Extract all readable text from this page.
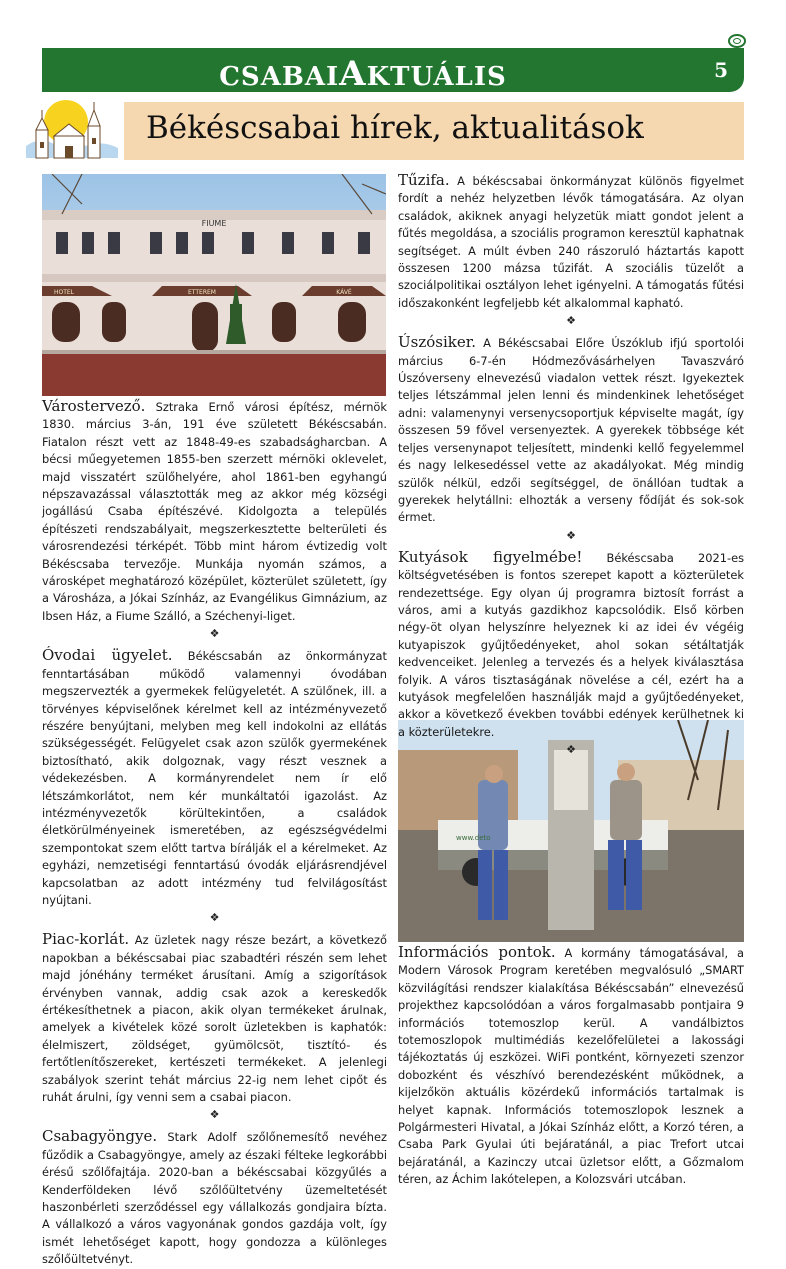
CSABAIAKTUÁLIS	5
Békéscsabai hírek, aktualitások
FIUME
HOTEL	ETTEREM	KÁVÉ
www.deto

Várostervező. Sztraka Ernő városi építész, mérnök 1830. március 3-án, 191 éve született Békéscsabán. Fiatalon részt vett az 1848-49-es szabadságharcban. A bécsi műegyetemen 1855-ben szerzett mérnöki oklevelet, majd visszatért szülőhelyére, ahol 1861-ben egyhangú népszavazással választották meg az akkor még községi jogállású Csaba építészévé. Kidolgozta a település építészeti rendszabályait, megszerkesztette belterületi és városrendezési térképét. Több mint három évtizedig volt Békéscsaba tervezője. Munkája nyomán számos, a városképet meghatározó középület, közterület született, így a Városháza, a Jókai Színház, az Evangélikus Gimnázium, az Ibsen Ház, a Fiume Szálló, a Széchenyi-liget.

❖

Óvodai ügyelet. Békéscsabán az önkormányzat fenntartásában működő valamennyi óvodában megszervezték a gyermekek felügyeletét. A szülőnek, ill. a törvényes képviselőnek kérelmet kell az intézményvezető részére benyújtani, melyben meg kell indokolni az ellátás szükségességét. Felügyelet csak azon szülők gyermekének biztosítható, akik dolgoznak, vagy részt vesznek a védekezésben. A kormányrendelet nem ír elő létszámkorlátot, nem kér munkáltatói igazolást. Az intézményvezetők körültekintően, a családok életkörülményeinek ismeretében, az egészségvédelmi szempontokat szem előtt tartva bírálják el a kérelmeket. Az egyházi, nemzetiségi fenntartású óvodák eljárásrendjével kapcsolatban az adott intézmény tud felvilágosítást nyújtani.

❖

Piac-korlát. Az üzletek nagy része bezárt, a következő napokban a békéscsabai piac szabadtéri részén sem lehet majd jónéhány terméket árusítani. Amíg a szigorítások érvényben vannak, addig csak azok a kereskedők értékesíthetnek a piacon, akik olyan termékeket árulnak, amelyek a kivételek közé sorolt üzletekben is kaphatók: élelmiszert, zöldséget, gyümölcsöt, tisztító- és fertőtlenítőszereket, kertészeti termékeket. A jelenlegi szabályok szerint tehát március 22-ig nem lehet cipőt és ruhát árulni, így venni sem a csabai piacon.

❖

Csabagyöngye. Stark Adolf szőlőnemesítő nevéhez fűződik a Csabagyöngye, amely az északi félteke legkorábbi érésű szőlőfajtája. 2020-ban a békéscsabai közgyűlés a Kenderföldeken lévő szőlőültetvény üzemeltetését haszonbérleti szerződéssel egy vállalkozás gondjaira bízta. A vállalkozó a város vagyonának gondos gazdája volt, így ismét lehetőséget kapott, hogy gondozza a különleges szőlőültetvényt.

Tűzifa. A békéscsabai önkormányzat különös figyelmet fordít a nehéz helyzetben lévők támogatására. Az olyan családok, akiknek anyagi helyzetük miatt gondot jelent a fűtés megoldása, a szociális programon keresztül kaphatnak segítséget. A múlt évben 240 rászoruló háztartás kapott összesen 1200 mázsa tűzifát. A szociális tüzelőt a szociálpolitikai osztályon lehet igényelni. A támogatás fűtési időszakonként legfeljebb két alkalommal kapható.

❖

Úszósiker. A Békéscsabai Előre Úszóklub ifjú sportolói március 6-7-én Hódmezővásárhelyen Tavaszváró Úszóverseny elnevezésű viadalon vettek részt. Igyekeztek teljes létszámmal jelen lenni és mindenkinek lehetőséget adni: valamenynyi versenycsoportjuk képviselte magát, így összesen 59 fővel versenyeztek. A gyerekek többsége két teljes versenynapot teljesített, mindenki kellő fegyelemmel és nagy lelkesedéssel vette az akadályokat. Még mindig szülők nélkül, edzői segítséggel, de önállóan tudtak a gyerekek helytállni: elhozták a verseny fődíját és sok-sok érmet.

❖

Kutyások figyelmébe! Békéscsaba 2021-es költségvetésében is fontos szerepet kapott a közterületek rendezettsége. Egy olyan új programra biztosít forrást a város, ami a kutyás gazdikhoz kapcsolódik. Első körben négy-öt olyan helyszínre helyeznek ki az idei év végéig kutyapiszok gyűjtőedényeket, ahol sokan sétáltatják kedvenceiket. Jelenleg a tervezés és a helyek kiválasztása folyik. A város tisztaságának növelése a cél, ezért ha a kutyások megfelelően használják majd a gyűjtőedényeket, akkor a következő években további edények kerülhetnek ki a közterületekre.

❖

Információs pontok. A kormány támogatásával, a Modern Városok Program keretében megvalósuló „SMART közvilágítási rendszer kialakítása Békéscsabán” elnevezésű projekthez kapcsolódóan a város forgalmasabb pontjaira 9 információs totemoszlop kerül. A vandálbiztos totemoszlopok multimédiás kezelőfelületei a lakossági tájékoztatás új eszközei. WiFi pontként, környezeti szenzor dobozként és vészhívó berendezésként működnek, a kijelzőkön aktuális közérdekű információs tartalmak is helyet kapnak. Információs totemoszlopok lesznek a Polgármesteri Hivatal, a Jókai Színház előtt, a Korzó téren, a Csaba Park Gyulai úti bejáratánál, a piac Trefort utcai bejáratánál, a Kazinczy utcai üzletsor előtt, a Gőzmalom téren, az Áchim lakótelepen, a Kolozsvári utcában.
